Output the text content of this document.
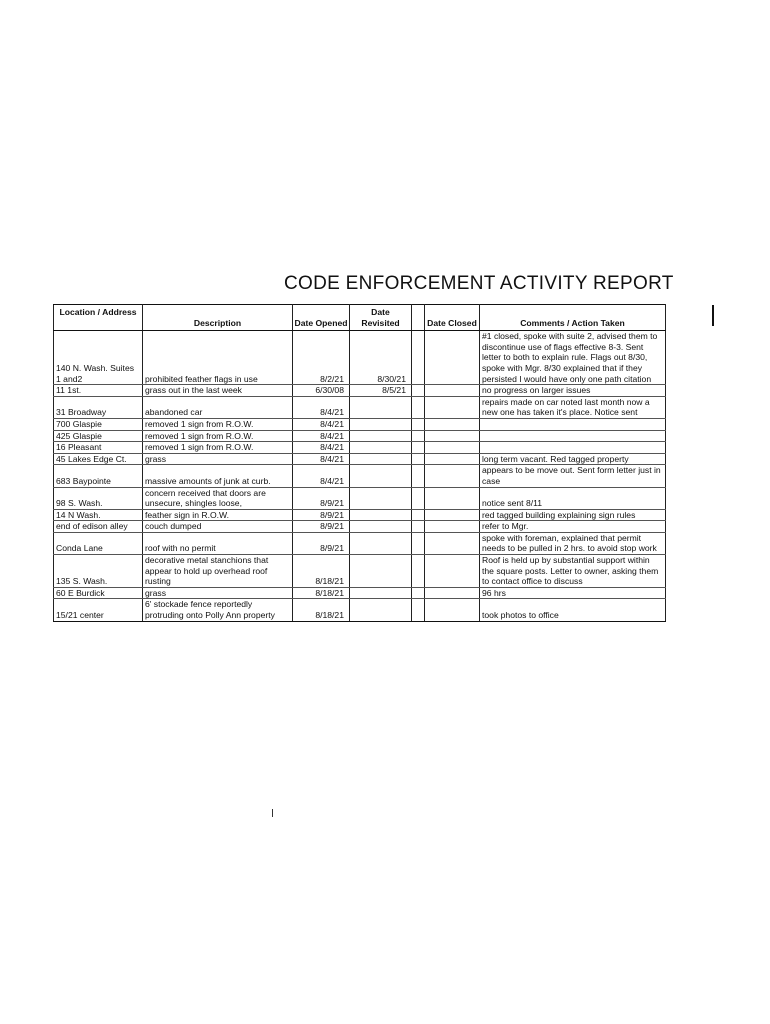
CODE ENFORCEMENT ACTIVITY REPORT
Location / Address	Description	Date Opened	Date Revisited		Date Closed	Comments / Action Taken
140 N. Wash. Suites 1 and2	prohibited feather flags in use	8/2/21	8/30/21			#1 closed, spoke with suite 2, advised them to discontinue use of flags effective 8-3. Sent letter to both to explain rule. Flags out 8/30, spoke with Mgr. 8/30 explained that if they persisted I would have only one path citation
11 1st.	grass out in the last week	6/30/08	8/5/21			no progress on larger issues
31 Broadway	abandoned car	8/4/21				repairs made on car noted last month now a new one has taken it's place. Notice sent
700 Glaspie	removed 1 sign from R.O.W.	8/4/21				
425 Glaspie	removed 1 sign from R.O.W.	8/4/21				
16 Pleasant	removed 1 sign from R.O.W.	8/4/21				
45 Lakes Edge Ct.	grass	8/4/21				long term vacant. Red tagged property
683 Baypointe	massive amounts of junk at curb.	8/4/21				appears to be move out. Sent form letter just in case
98 S. Wash.	concern received that doors are unsecure, shingles loose,	8/9/21				notice sent 8/11
14 N Wash.	feather sign in R.O.W.	8/9/21				red tagged building explaining sign rules
end of edison alley	couch dumped	8/9/21				refer to Mgr.
Conda Lane	roof with no permit	8/9/21				spoke with foreman, explained that permit needs to be pulled in 2 hrs. to avoid stop work
135 S. Wash.	decorative metal stanchions that appear to hold up overhead roof rusting	8/18/21				Roof is held up by substantial support within the square posts. Letter to owner, asking them to contact office to discuss
60 E Burdick	grass	8/18/21				96 hrs
15/21 center	6' stockade fence reportedly protruding onto Polly Ann property	8/18/21				took photos to office
